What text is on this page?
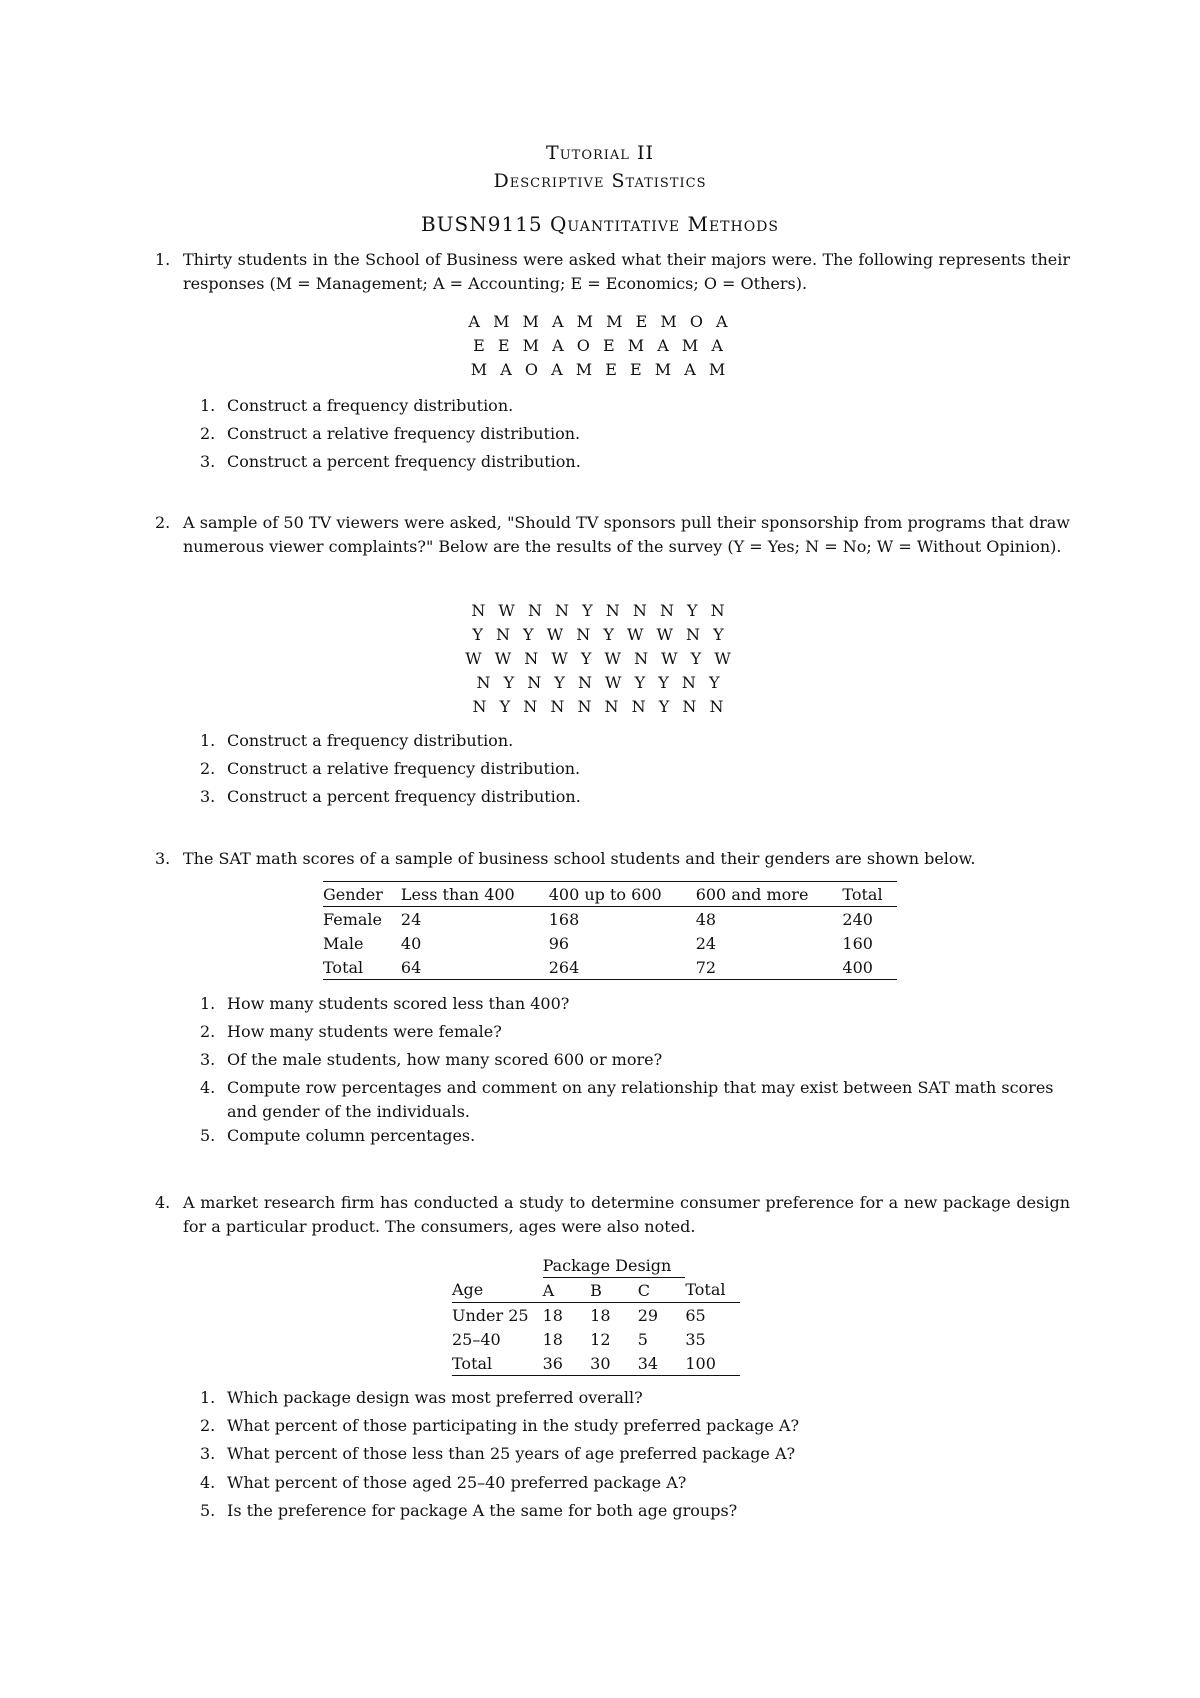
Tutorial II
Descriptive Statistics
BUSN9115 Quantitative Methods
1. Thirty students in the School of Business were asked what their majors were. The following represents their responses (M = Management; A = Accounting; E = Economics; O = Others).
A M M A M M E M O A
E E M A O E M A M A
M A O A M E E M A M
1. Construct a frequency distribution.
2. Construct a relative frequency distribution.
3. Construct a percent frequency distribution.
2. A sample of 50 TV viewers were asked, "Should TV sponsors pull their sponsorship from programs that draw numerous viewer complaints?" Below are the results of the survey (Y = Yes; N = No; W = Without Opinion).
N W N N Y N N N Y N
Y N Y W N Y W W N Y
W W N W Y W N W Y W
N Y N Y N W Y Y N Y
N Y N N N N N Y N N
1. Construct a frequency distribution.
2. Construct a relative frequency distribution.
3. Construct a percent frequency distribution.
3. The SAT math scores of a sample of business school students and their genders are shown below.
Gender	Less than 400	400 up to 600	600 and more	Total
Female	24	168	48	240
Male	40	96	24	160
Total	64	264	72	400
1. How many students scored less than 400?
2. How many students were female?
3. Of the male students, how many scored 600 or more?
4. Compute row percentages and comment on any relationship that may exist between SAT math scores and gender of the individuals.
5. Compute column percentages.
4. A market research firm has conducted a study to determine consumer preference for a new package design for a particular product. The consumers, ages were also noted.
	Package Design			
Age	A	B	C	Total
Under 25	18	18	29	65
25–40	18	12	5	35
Total	36	30	34	100
1. Which package design was most preferred overall?
2. What percent of those participating in the study preferred package A?
3. What percent of those less than 25 years of age preferred package A?
4. What percent of those aged 25–40 preferred package A?
5. Is the preference for package A the same for both age groups?
